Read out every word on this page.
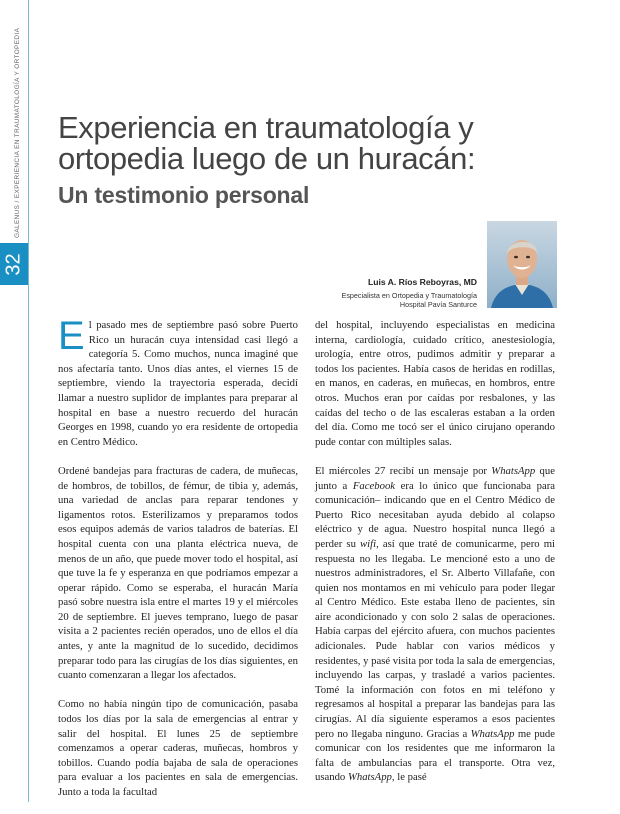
GALENUS / EXPERIENCIA EN TRAUMATOLOGÍA Y ORTOPEDIA
32
Experiencia en traumatología y ortopedia luego de un huracán:
Un testimonio personal
Luis A. Ríos Reboyras, MD
Especialista en Ortopedia y Traumatología
Hospital Pavía Santurce

El pasado mes de septiembre pasó sobre Puerto Rico un huracán cuya intensidad casi llegó a categoría 5. Como muchos, nunca imaginé que nos afectaría tanto. Unos días antes, el viernes 15 de septiembre, viendo la trayectoria esperada, decidí llamar a nuestro suplidor de implantes para preparar al hospital en base a nuestro recuerdo del huracán Georges en 1998, cuando yo era residente de ortopedia en Centro Médico.

Ordené bandejas para fracturas de cadera, de muñecas, de hombros, de tobillos, de fémur, de tibia y, además, una variedad de anclas para reparar tendones y ligamentos rotos. Esterilizamos y preparamos todos esos equipos además de varios taladros de baterías. El hospital cuenta con una planta eléctrica nueva, de menos de un año, que puede mover todo el hospital, así que tuve la fe y esperanza en que podríamos empezar a operar rápido. Como se esperaba, el huracán María pasó sobre nuestra isla entre el martes 19 y el miércoles 20 de septiembre. El jueves temprano, luego de pasar visita a 2 pacientes recién operados, uno de ellos el día antes, y ante la magnitud de lo sucedido, decidimos preparar todo para las cirugías de los días siguientes, en cuanto comenzaran a llegar los afectados.

Como no había ningún tipo de comunicación, pasaba todos los días por la sala de emergencias al entrar y salir del hospital. El lunes 25 de septiembre comenzamos a operar caderas, muñecas, hombros y tobillos. Cuando podía bajaba de sala de operaciones para evaluar a los pacientes en sala de emergencias. Junto a toda la facultad

del hospital, incluyendo especialistas en medicina interna, cardiología, cuidado crítico, anestesiología, urología, entre otros, pudimos admitir y preparar a todos los pacientes. Había casos de heridas en rodillas, en manos, en caderas, en muñecas, en hombros, entre otros. Muchos eran por caídas por resbalones, y las caídas del techo o de las escaleras estaban a la orden del día. Como me tocó ser el único cirujano operando pude contar con múltiples salas.

El miércoles 27 recibí un mensaje por WhatsApp que junto a Facebook era lo único que funcionaba para comunicación– indicando que en el Centro Médico de Puerto Rico necesitaban ayuda debido al colapso eléctrico y de agua. Nuestro hospital nunca llegó a perder su wifi, así que traté de comunicarme, pero mi respuesta no les llegaba. Le mencioné esto a uno de nuestros administradores, el Sr. Alberto Villafañe, con quien nos montamos en mi vehículo para poder llegar al Centro Médico. Este estaba lleno de pacientes, sin aire acondicionado y con solo 2 salas de operaciones. Había carpas del ejército afuera, con muchos pacientes adicionales. Pude hablar con varios médicos y residentes, y pasé visita por toda la sala de emergencias, incluyendo las carpas, y trasladé a varios pacientes. Tomé la información con fotos en mi teléfono y regresamos al hospital a preparar las bandejas para las cirugías. Al día siguiente esperamos a esos pacientes pero no llegaba ninguno. Gracias a WhatsApp me pude comunicar con los residentes que me informaron la falta de ambulancias para el transporte. Otra vez, usando WhatsApp, le pasé
